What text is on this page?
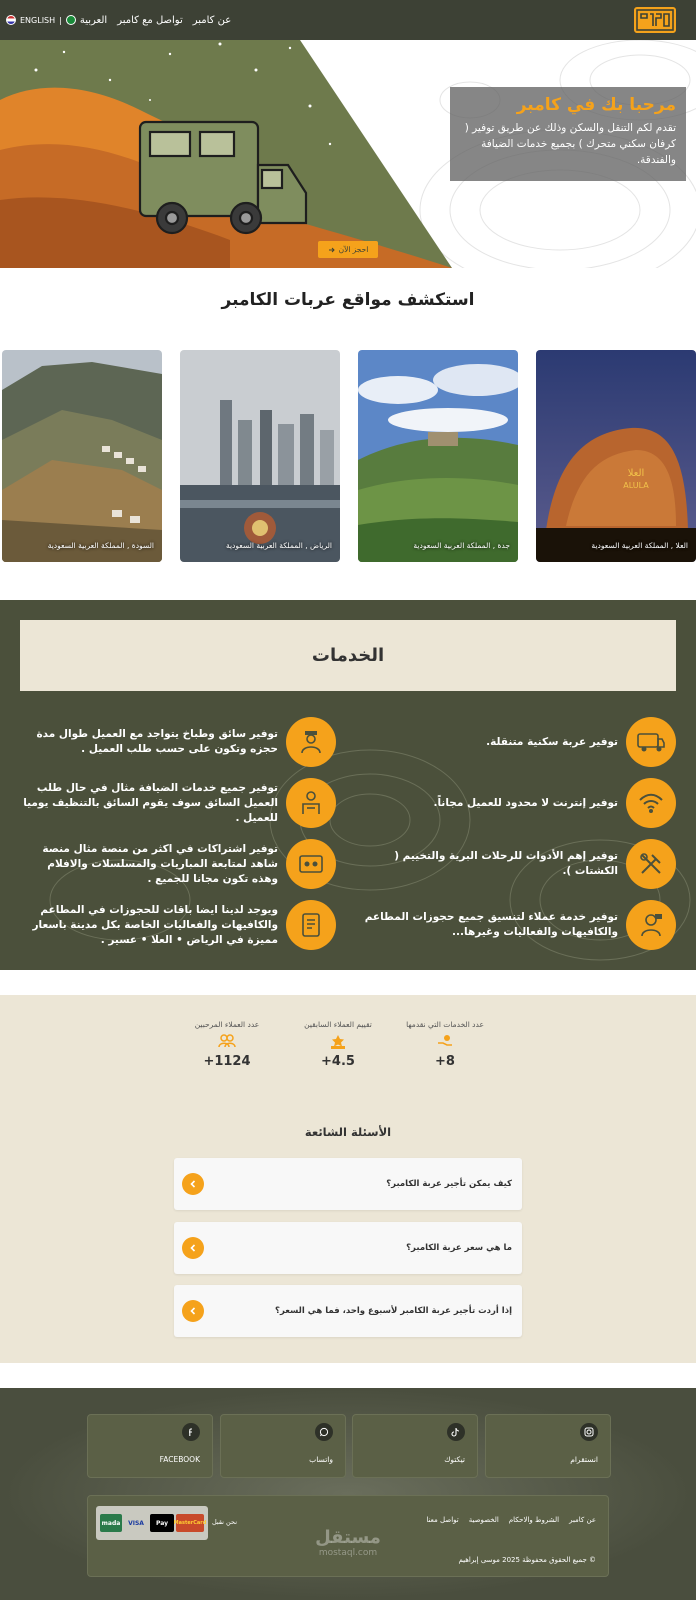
عن كامبر
تواصل مع كامبر
العربية
|
ENGLISH
مرحبا بك في كامبر
تقدم لكم التنقل والسكن وذلك عن طريق توفير ( كرفان سكني متحرك ) بجميع خدمات الضيافة والفندقة.
احجز الآن
استكشف مواقع عربات الكامبر
العلا
ALULA
العلا , المملكة العربية السعودية
جدة , المملكة العربية السعودية
الرياض , المملكة العربية السعودية
السودة , المملكة العربية السعودية
الخدمات
توفير عربة سكنية متنقلة.
توفير إنترنت لا محدود للعميل مجاناً.
توفير إهم الأدوات للرحلات البرية والتخييم ( الكشتات ).
توفير خدمة عملاء لتنسيق جميع حجوزات المطاعم والكافيهات والفعاليات وغيرها...
توفير سائق وطباخ يتواجد مع العميل طوال مدة حجزه وتكون على حسب طلب العميل .
توفير جميع خدمات الضيافة مثال في حال طلب العميل السائق سوف يقوم السائق بالتنظيف يوميا للعميل .
توفير اشتراكات في اكثر من منصة مثال منصة شاهد لمتابعة المباريات والمسلسلات والافلام وهذه تكون مجانا للجميع .
ويوجد لدينا ايضا باقات للحجوزات في المطاعم والكافيهات والفعاليات الخاصة بكل مدينة باسعار مميزة في الرياض • العلا • عسير .
عدد الخدمات التي نقدمها
+8
تقييم العملاء السابقين
+4.5
عدد العملاء المرحبين
+1124
الأسئلة الشائعة
كيف يمكن تأجير عربة الكامبر؟
ما هي سعر عربة الكامبر؟
إذا أردت تأجير عربة الكامبر لأسبوع واحد، فما هي السعر؟
انستقرام
تيكتوك
واتساب
FACEBOOK
عن كامبر
الشروط والاحكام
الخصوصية
تواصل معنا
© جميع الحقوق محفوظة 2025 موسى إبراهيم
نحن نقبل
mada	VISA	Pay	MasterCard
مستقل
mostaql.com
